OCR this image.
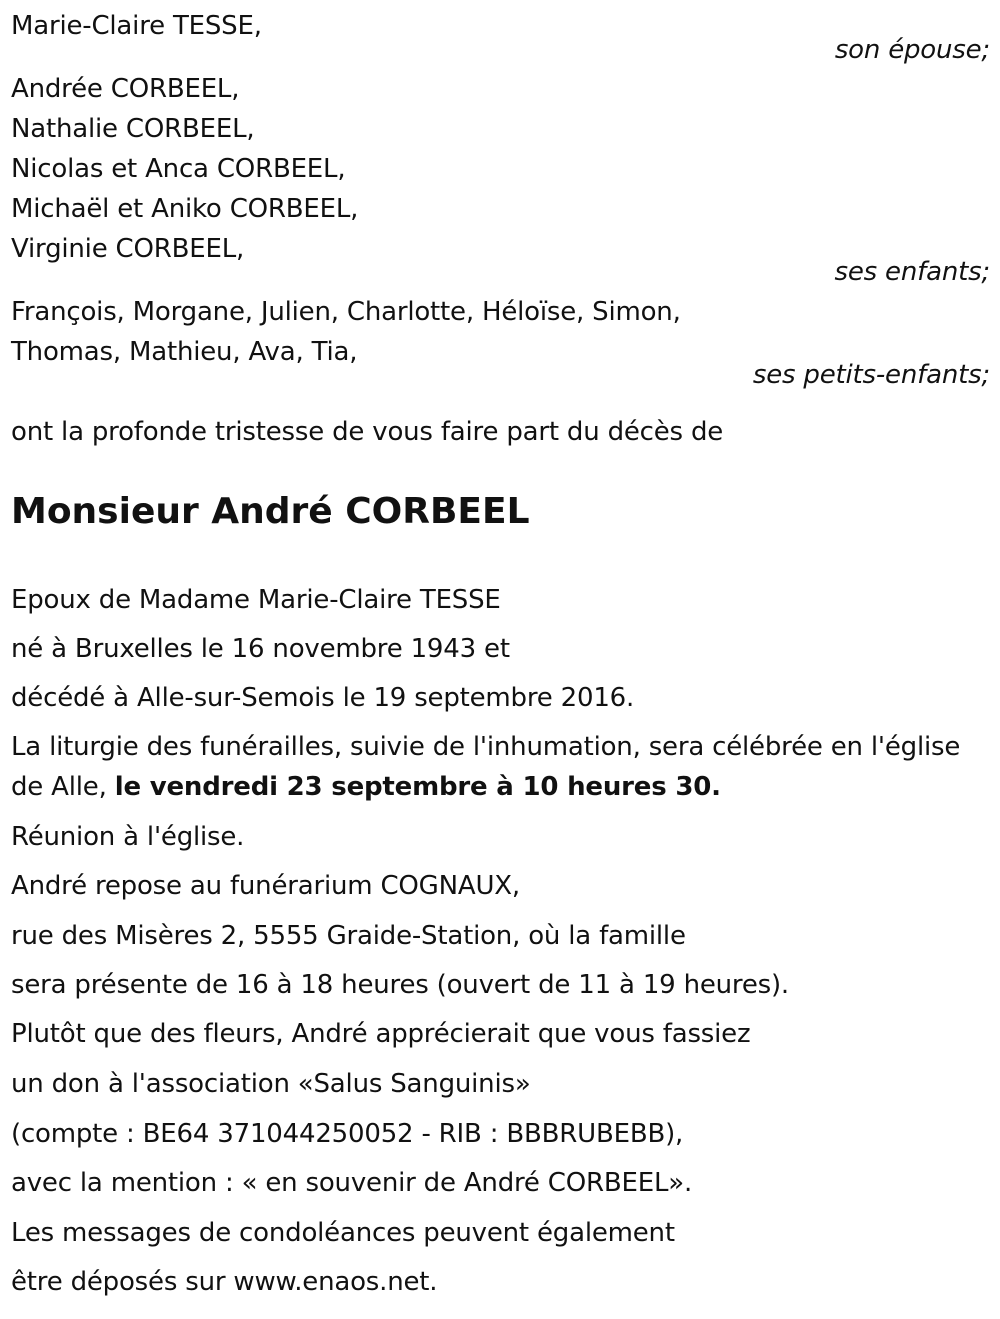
Marie-Claire TESSE,
son épouse;
Andrée CORBEEL,
Nathalie CORBEEL,
Nicolas et Anca CORBEEL,
Michaël et Aniko CORBEEL,
Virginie CORBEEL,
ses enfants;
François, Morgane, Julien, Charlotte, Héloïse, Simon,
Thomas, Mathieu, Ava, Tia,
ses petits-enfants;
ont la profonde tristesse de vous faire part du décès de
Monsieur André CORBEEL
Epoux de Madame Marie-Claire TESSE
né à Bruxelles le 16 novembre 1943 et
décédé à Alle-sur-Semois le 19 septembre 2016.
La liturgie des funérailles, suivie de l'inhumation, sera célébrée en l'église
de Alle, le vendredi 23 septembre à 10 heures 30.
Réunion à l'église.
André repose au funérarium COGNAUX,
rue des Misères 2, 5555 Graide-Station, où la famille
sera présente de 16 à 18 heures (ouvert de 11 à 19 heures).
Plutôt que des fleurs, André apprécierait que vous fassiez
un don à l'association «Salus Sanguinis»
(compte : BE64 371044250052 - RIB : BBBRUBEBB),
avec la mention : « en souvenir de André CORBEEL».
Les messages de condoléances peuvent également
être déposés sur www.enaos.net.
